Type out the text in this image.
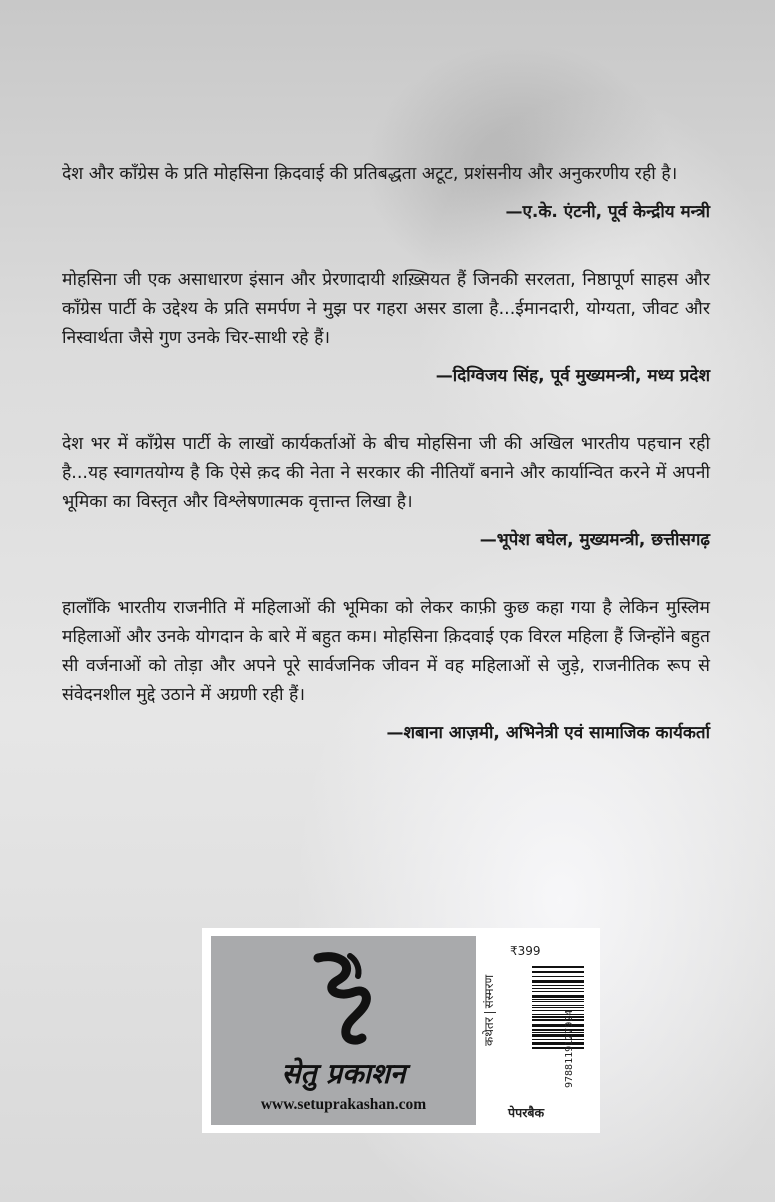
देश और काँग्रेस के प्रति मोहसिना क़िदवाई की प्रतिबद्धता अटूट, प्रशंसनीय और अनुकरणीय रही है।

—ए.के. एंटनी, पूर्व केन्द्रीय मन्त्री

मोहसिना जी एक असाधारण इंसान और प्रेरणादायी शख़्सियत हैं जिनकी सरलता, निष्ठापूर्ण साहस और काँग्रेस पार्टी के उद्देश्य के प्रति समर्पण ने मुझ पर गहरा असर डाला है...ईमानदारी, योग्यता, जीवट और निस्वार्थता जैसे गुण उनके चिर-साथी रहे हैं।

—दिग्विजय सिंह, पूर्व मुख्यमन्त्री, मध्य प्रदेश

देश भर में काँग्रेस पार्टी के लाखों कार्यकर्ताओं के बीच मोहसिना जी की अखिल भारतीय पहचान रही है...यह स्वागतयोग्य है कि ऐसे क़द की नेता ने सरकार की नीतियाँ बनाने और कार्यान्वित करने में अपनी भूमिका का विस्तृत और विश्लेषणात्मक वृत्तान्त लिखा है।

—भूपेश बघेल, मुख्यमन्त्री, छत्तीसगढ़

हालाँकि भारतीय राजनीति में महिलाओं की भूमिका को लेकर काफ़ी कुछ कहा गया है लेकिन मुस्लिम महिलाओं और उनके योगदान के बारे में बहुत कम। मोहसिना क़िदवाई एक विरल महिला हैं जिन्होंने बहुत सी वर्जनाओं को तोड़ा और अपने पूरे सार्वजनिक जीवन में वह महिलाओं से जुड़े, राजनीतिक रूप से संवेदनशील मुद्दे उठाने में अग्रणी रही हैं।

—शबाना आज़मी, अभिनेत्री एवं सामाजिक कार्यकर्ता
सेतु प्रकाशन
www.setuprakashan.com
₹399
कथेतरसंस्मरण
9788119127924
पेपरबैक
